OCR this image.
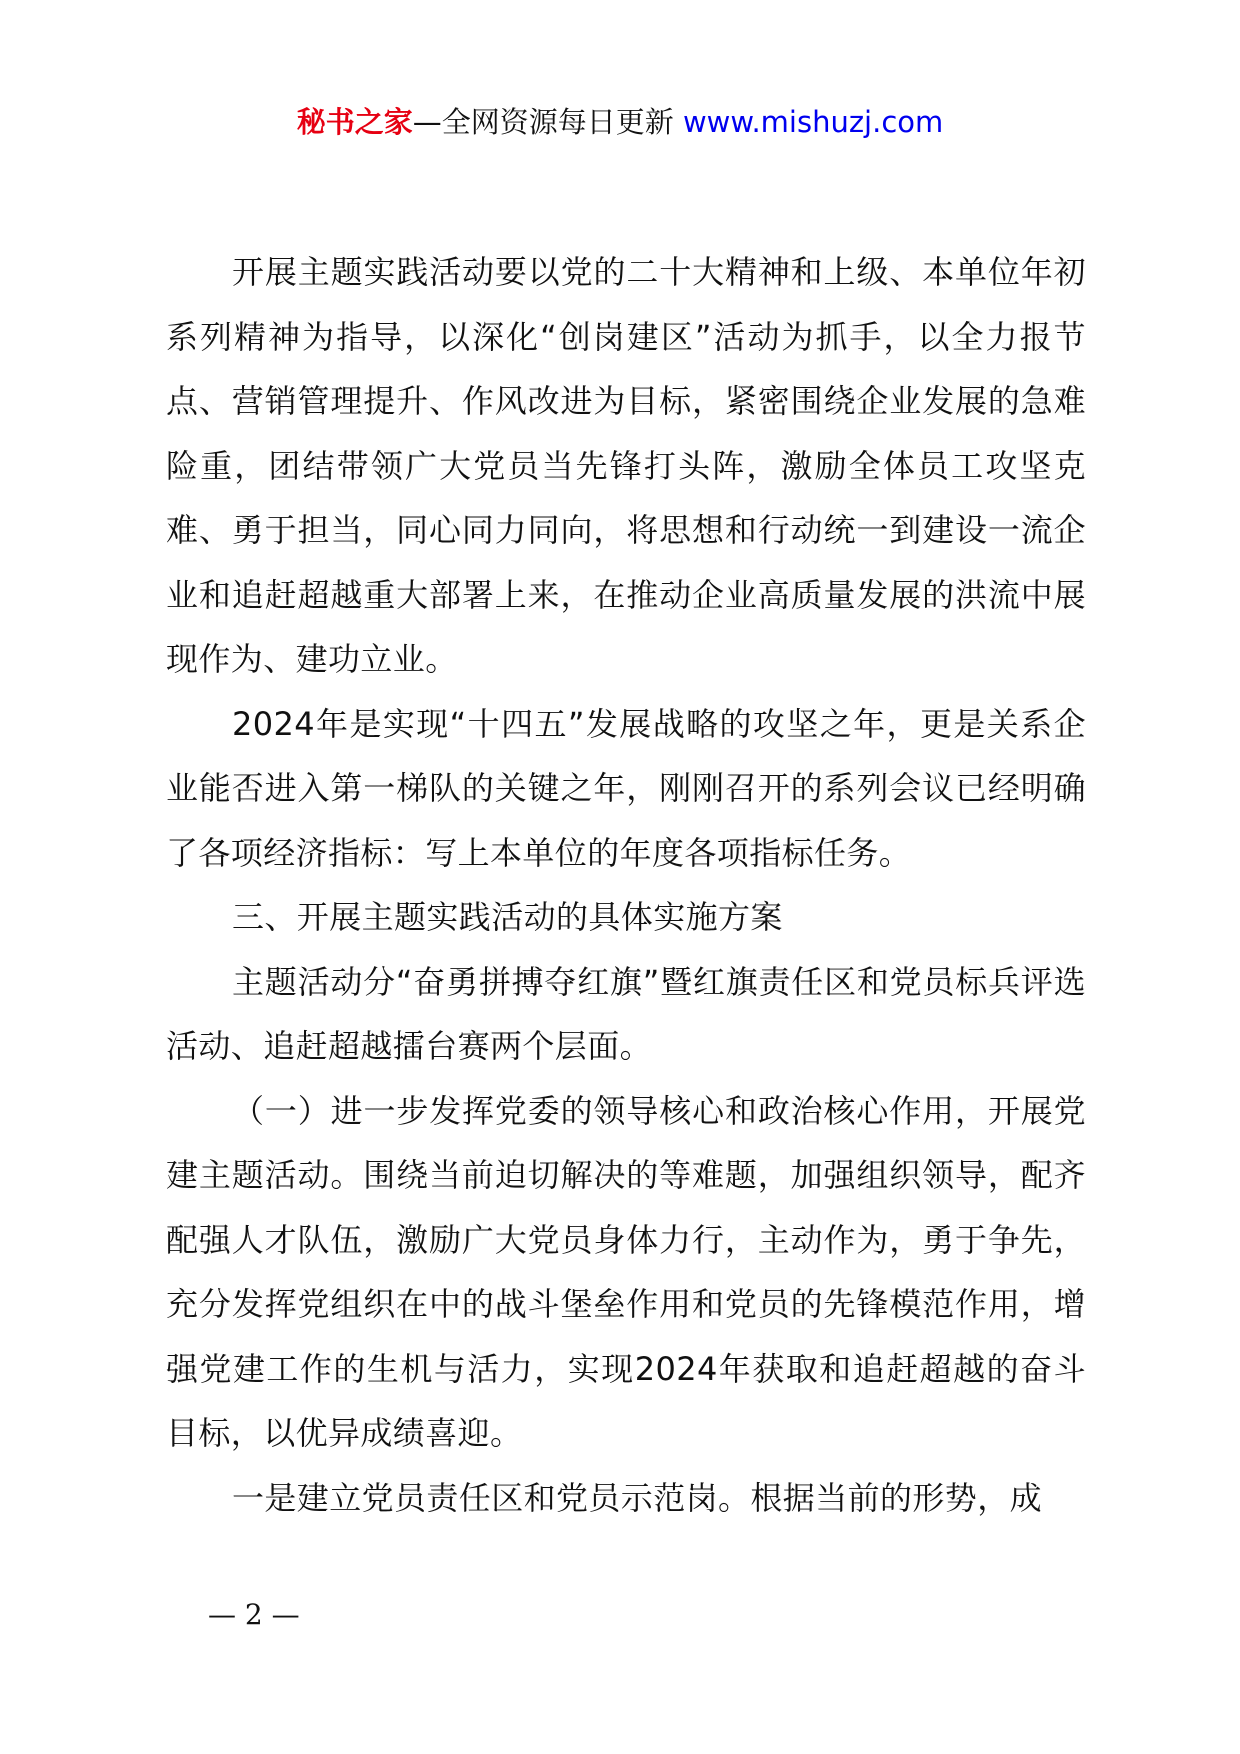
秘书之家—全网资源每日更新 www.mishuzj.com

开展主题实践活动要以党的二十大精神和上级、本单位年初系列精神为指导，以深化“创岗建区”活动为抓手，以全力报节点、营销管理提升、作风改进为目标，紧密围绕企业发展的急难险重，团结带领广大党员当先锋打头阵，激励全体员工攻坚克难、勇于担当，同心同力同向，将思想和行动统一到建设一流企业和追赶超越重大部署上来，在推动企业高质量发展的洪流中展现作为、建功立业。

2024年是实现“十四五”发展战略的攻坚之年，更是关系企业能否进入第一梯队的关键之年，刚刚召开的系列会议已经明确了各项经济指标：写上本单位的年度各项指标任务。

三、开展主题实践活动的具体实施方案

主题活动分“奋勇拼搏夺红旗”暨红旗责任区和党员标兵评选活动、追赶超越擂台赛两个层面。

（一）进一步发挥党委的领导核心和政治核心作用，开展党建主题活动。围绕当前迫切解决的等难题，加强组织领导，配齐配强人才队伍，激励广大党员身体力行，主动作为，勇于争先，充分发挥党组织在中的战斗堡垒作用和党员的先锋模范作用，增强党建工作的生机与活力，实现2024年获取和追赶超越的奋斗目标，以优异成绩喜迎。

一是建立党员责任区和党员示范岗。根据当前的形势，成

— 2 —
